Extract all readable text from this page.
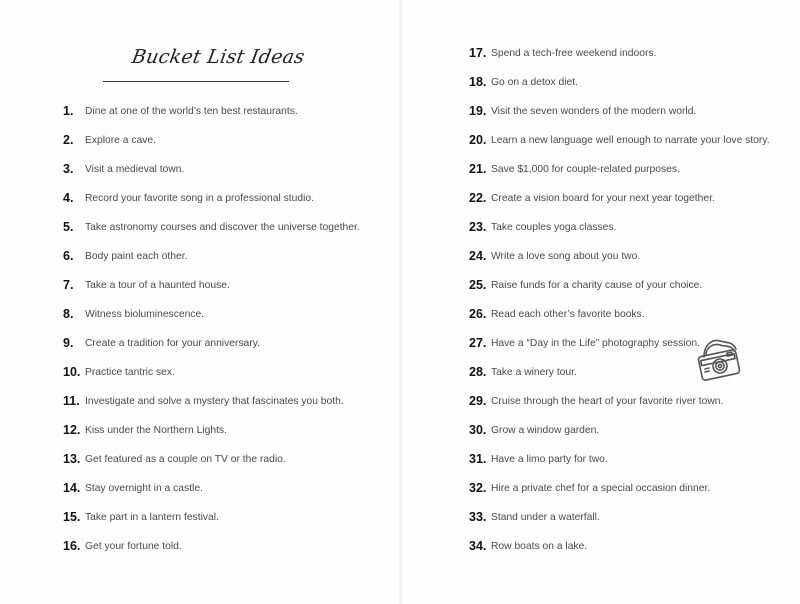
Bucket List Ideas
1.	Dine at one of the world’s ten best restaurants.
2.	Explore a cave.
3.	Visit a medieval town.
4.	Record your favorite song in a professional studio.
5.	Take astronomy courses and discover the universe together.
6.	Body paint each other.
7.	Take a tour of a haunted house.
8.	Witness bioluminescence.
9.	Create a tradition for your anniversary.
10. Practice tantric sex.
11. Investigate and solve a mystery that fascinates you both.
12. Kiss under the Northern Lights.
13. Get featured as a couple on TV or the radio.
14. Stay overnight in a castle.
15. Take part in a lantern festival.
16. Get your fortune told.
17. Spend a tech-free weekend indoors.
18. Go on a detox diet.
19. Visit the seven wonders of the modern world.
20. Learn a new language well enough to narrate your love story.
21. Save $1,000 for couple-related purposes.
22. Create a vision board for your next year together.
23. Take couples yoga classes.
24. Write a love song about you two.
25. Raise funds for a charity cause of your choice.
26. Read each other’s favorite books.
27. Have a “Day in the Life” photography session.
28. Take a winery tour.
29. Cruise through the heart of your favorite river town.
30. Grow a window garden.
31. Have a limo party for two.
32. Hire a private chef for a special occasion dinner.
33. Stand under a waterfall.
34. Row boats on a lake.
